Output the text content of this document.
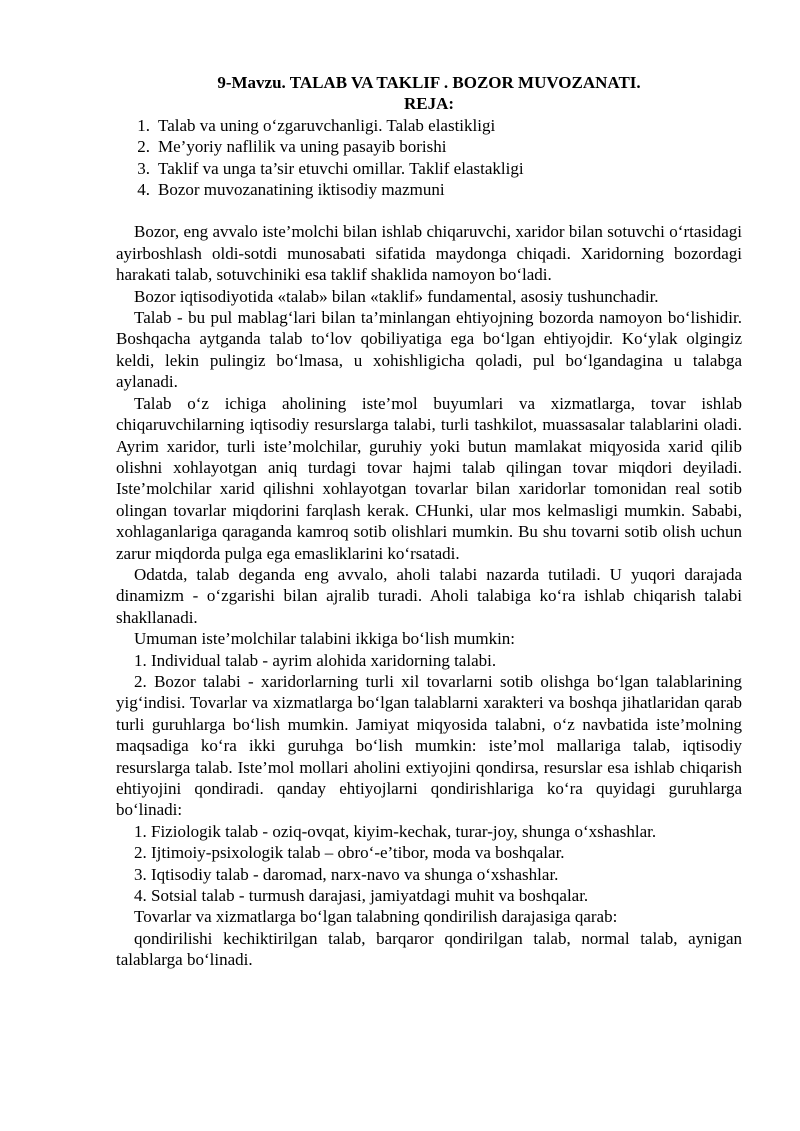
9-Mavzu. TALAB VA TAKLIF . BOZOR MUVOZANATI.

REJA:

1. Talab va uning o‘zgaruvchanligi. Talab elastikligi
2. Me’yoriy naflilik va uning pasayib borishi
3. Taklif va unga ta’sir etuvchi omillar. Taklif elastakligi
4. Bozor muvozanatining iktisodiy mazmuni

Bozor, eng avvalo iste’molchi bilan ishlab chiqaruvchi, xaridor bilan sotuvchi o‘rtasidagi ayirboshlash oldi-sotdi munosabati sifatida maydonga chiqadi. Xaridorning bozordagi harakati talab, sotuvchiniki esa taklif shaklida namoyon bo‘ladi.

Bozor iqtisodiyotida «talab» bilan «taklif» fundamental, asosiy tushunchadir.

Talab - bu pul mablag‘lari bilan ta’minlangan ehtiyojning bozorda namoyon bo‘lishidir. Boshqacha aytganda talab to‘lov qobiliyatiga ega bo‘lgan ehtiyojdir. Ko‘ylak olgingiz keldi, lekin pulingiz bo‘lmasa, u xohishligicha qoladi, pul bo‘lgandagina u talabga aylanadi.

Talab o‘z ichiga aholining iste’mol buyumlari va xizmatlarga, tovar ishlab chiqaruvchilarning iqtisodiy resurslarga talabi, turli tashkilot, muassasalar talablarini oladi. Ayrim xaridor, turli iste’molchilar, guruhiy yoki butun mamlakat miqyosida xarid qilib olishni xohlayotgan aniq turdagi tovar hajmi talab qilingan tovar miqdori deyiladi. Iste’molchilar xarid qilishni xohlayotgan tovarlar bilan xaridorlar tomonidan real sotib olingan tovarlar miqdorini farqlash kerak. CHunki, ular mos kelmasligi mumkin. Sababi, xohlaganlariga qaraganda kamroq sotib olishlari mumkin. Bu shu tovarni sotib olish uchun zarur miqdorda pulga ega emasliklarini ko‘rsatadi.

Odatda, talab deganda eng avvalo, aholi talabi nazarda tutiladi. U yuqori darajada dinamizm - o‘zgarishi bilan ajralib turadi. Aholi talabiga ko‘ra ishlab chiqarish talabi shakllanadi.

Umuman iste’molchilar talabini ikkiga bo‘lish mumkin:

1. Individual talab - ayrim alohida xaridorning talabi.

2. Bozor talabi - xaridorlarning turli xil tovarlarni sotib olishga bo‘lgan talablarining yig‘indisi. Tovarlar va xizmatlarga bo‘lgan talablarni xarakteri va boshqa jihatlaridan qarab turli guruhlarga bo‘lish mumkin. Jamiyat miqyosida talabni, o‘z navbatida iste’molning maqsadiga ko‘ra ikki guruhga bo‘lish mumkin: iste’mol mallariga talab, iqtisodiy resurslarga talab. Iste’mol mollari aholini extiyojini qondirsa, resurslar esa ishlab chiqarish ehtiyojini qondiradi. qanday ehtiyojlarni qondirishlariga ko‘ra quyidagi guruhlarga bo‘linadi:

1. Fiziologik talab - oziq-ovqat, kiyim-kechak, turar-joy, shunga o‘xshashlar.

2. Ijtimoiy-psixologik talab – obro‘-e’tibor, moda va boshqalar.

3. Iqtisodiy talab - daromad, narx-navo va shunga o‘xshashlar.

4. Sotsial talab - turmush darajasi, jamiyatdagi muhit va boshqalar.

Tovarlar va xizmatlarga bo‘lgan talabning qondirilish darajasiga qarab:

qondirilishi kechiktirilgan talab, barqaror qondirilgan talab, normal talab, aynigan talablarga bo‘linadi.
